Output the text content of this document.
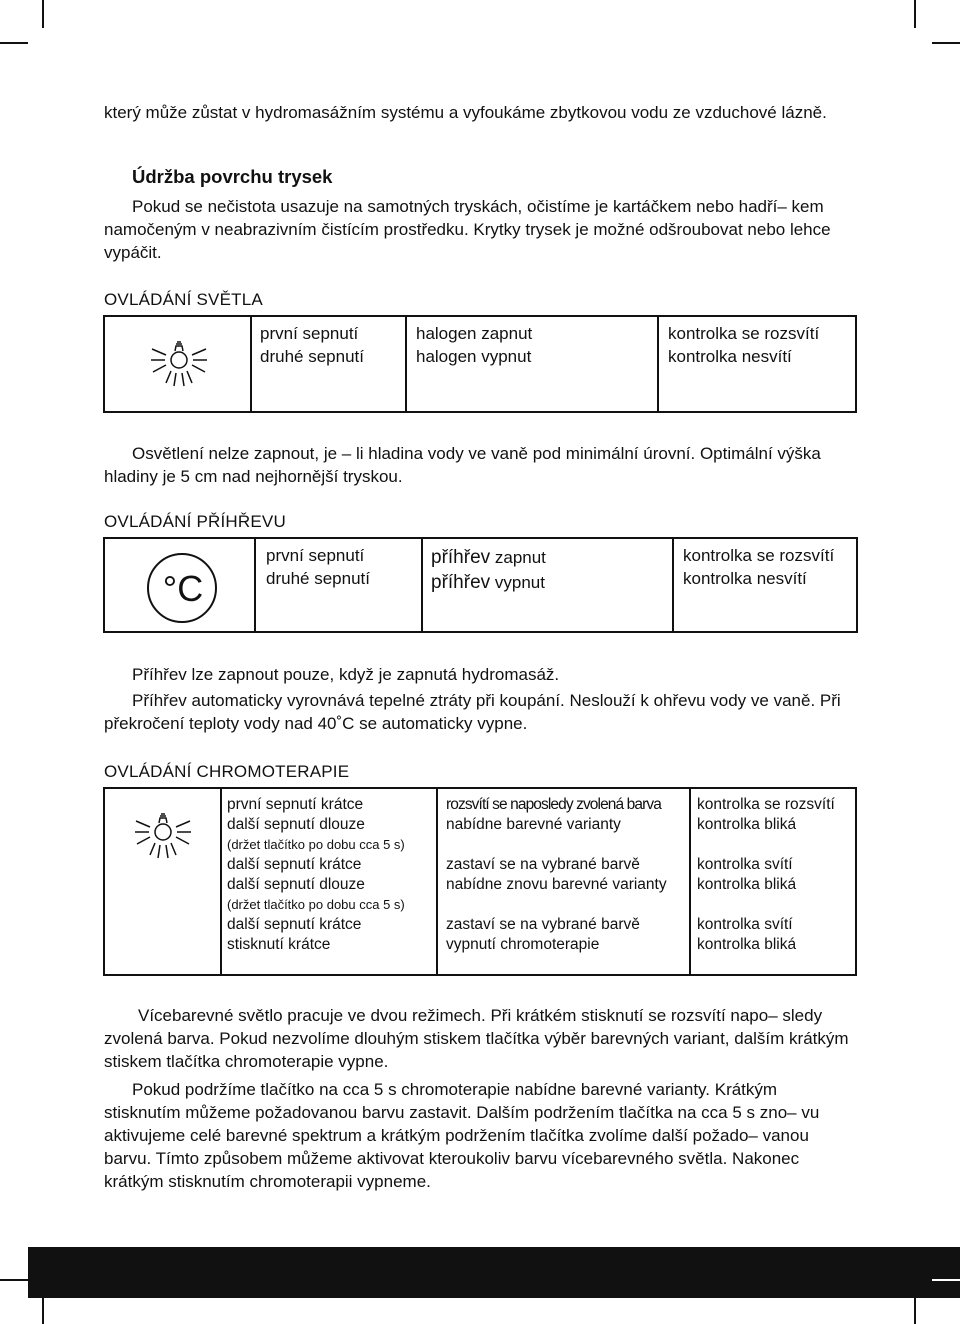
který může zůstat v hydromasážním systému a vyfoukáme zbytkovou vodu ze vzduchové lázně.

Údržba povrchu trysek

Pokud se nečistota usazuje na samotných tryskách, očistíme je kartáčkem nebo hadří– kem namočeným v neabrazivním čistícím prostředku. Krytky trysek je možné odšroubovat nebo lehce vypáčit.

OVLÁDÁNÍ SVĚTLA
první sepnutí
druhé sepnutí
halogen zapnut
halogen vypnut
kontrolka se rozsvítí
kontrolka nesvítí

Osvětlení nelze zapnout, je – li hladina vody ve vaně pod minimální úrovní. Optimální výška hladiny je 5 cm nad nejhornější tryskou.

OVLÁDÁNÍ PŘÍHŘEVU
°C
první sepnutí
druhé sepnutí
příhřev zapnut
příhřev vypnut
kontrolka se rozsvítí
kontrolka nesvítí

Příhřev lze zapnout pouze, když je zapnutá hydromasáž.

Příhřev automaticky vyrovnává tepelné ztráty při koupání. Neslouží k ohřevu vody ve vaně. Při překročení teploty vody nad 40˚C se automaticky vypne.

OVLÁDÁNÍ CHROMOTERAPIE
první sepnutí krátce
další sepnutí dlouze
(držet tlačítko po dobu cca 5 s)
další sepnutí krátce
další sepnutí dlouze
(držet tlačítko po dobu cca 5 s)
další sepnutí krátce
stisknutí krátce
rozsvítí se naposledy zvolená barva
nabídne barevné varianty

zastaví se na vybrané barvě
nabídne znovu barevné varianty

zastaví se na vybrané barvě
vypnutí chromoterapie
kontrolka se rozsvítí
kontrolka bliká

kontrolka svítí
kontrolka bliká

kontrolka svítí
kontrolka bliká

Vícebarevné světlo pracuje ve dvou režimech. Při krátkém stisknutí se rozsvítí napo– sledy zvolená barva. Pokud nezvolíme dlouhým stiskem tlačítka výběr barevných variant, dalším krátkým stiskem tlačítka chromoterapie vypne.

Pokud podržíme tlačítko na cca 5 s chromoterapie nabídne barevné varianty. Krátkým stisknutím můžeme požadovanou barvu zastavit. Dalším podržením tlačítka na cca 5 s zno– vu aktivujeme celé barevné spektrum a krátkým podržením tlačítka zvolíme další požado– vanou barvu. Tímto způsobem můžeme aktivovat kteroukoliv barvu vícebarevného světla. Nakonec krátkým stisknutím chromoterapii vypneme.
